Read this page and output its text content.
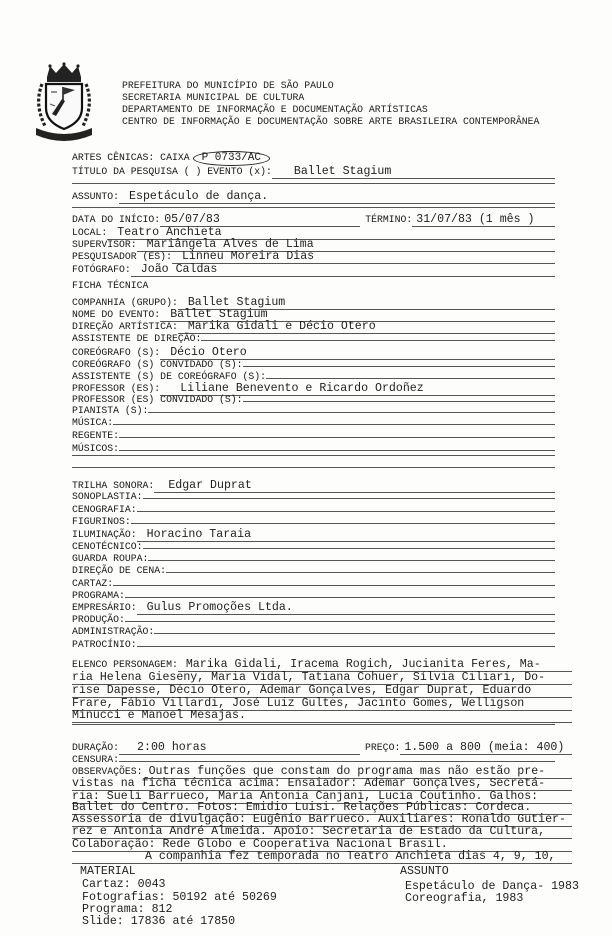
PREFEITURA DO MUNICÍPIO DE SÃO PAULO
SECRETARIA MUNICIPAL DE CULTURA
DEPARTAMENTO DE INFORMAÇÃO E DOCUMENTAÇÃO ARTÍSTICAS
CENTRO DE INFORMAÇÃO E DOCUMENTAÇÃO SOBRE ARTE BRASILEIRA CONTEMPORÂNEA
ARTES CÊNICAS: CAIXA	P 0733/AC
TÍTULO DA PESQUISA ( ) EVENTO (x):	Ballet Stagium
ASSUNTO: Espetáculo de dança.
DATA DO INÍCIO: 05/07/83	TÉRMINO: 31/07/83 (1 mês )
LOCAL: Teatro Anchieta
SUPERVISOR: Mariângela Alves de Lima
PESQUISADOR (ES): Linneu Moreira Dias
FOTÓGRAFO: João Caldas
FICHA TÉCNICA
COMPANHIA (GRUPO): Ballet Stagium
NOME DO EVENTO: Ballet Stagium
DIREÇÃO ARTÍSTICA: Marika Gidali e Décio Otero
ASSISTENTE DE DIREÇÃO:
COREÓGRAFO (S): Décio Otero
COREÓGRAFO (S) CONVIDADO (S):
ASSISTENTE (S) DE COREÓGRAFO (S):
PROFESSOR (ES):	Liliane Benevento e Ricardo Ordoñez
PROFESSOR (ES) CONVIDADO (S):
PIANISTA (S):
MÚSICA:
REGENTE:
MÚSICOS:
TRILHA SONORA:	Edgar Duprat
SONOPLASTIA:
CENOGRAFIA:
FIGURINOS:
ILUMINAÇÃO: Horacino Taraia
CENOTÉCNICO:
GUARDA ROUPA:
DIREÇÃO DE CENA:
CARTAZ:
PROGRAMA:
EMPRESÁRIO: Gulus Promoções Ltda.
PRODUÇÃO:
ADMINISTRAÇÃO:
PATROCÍNIO:
ELENCO PERSONAGEM: Marika Gidali, Iracema Rogich, Jucianita Feres, Ma-
ria Helena Gieseny, Maria Vidal, Tatiana Cohuer, Sílvia Ciliari, Do-
rise Dapesse, Décio Otero, Ademar Gonçalves, Edgar Duprat, Eduardo
Frare, Fábio Villardi, José Luiz Gultes, Jacinto Gomes, Welligson
Minucci e Manoel Mesajas.
DURAÇÃO:	2:00 horas	PREÇO: 1.500 a 800 (meia: 400)
CENSURA:
OBSERVAÇÕES: Outras funções que constam do programa mas não estão pre-
vistas na ficha técnica acima: Ensaiador: Ademar Gonçalves, Secretá-
ria: Sueli Barrueco, Maria Antonia Canjani, Lucia Coutinho. Galhos:
Ballet do Centro. Fotos: Emidio Luisi. Relações Públicas: Cordeca.
Assessoria de divulgação: Eugênio Barrueco. Auxiliares: Ronaldo Gutier-
rez e Antonia André Almeida. Apoio: Secretaria de Estado da Cultura,
Colaboração: Rede Globo e Cooperativa Nacional Brasil.
A companhia fez temporada no Teatro Anchieta dias 4, 9, 10,
MATERIAL
Cartaz: 0043
Fotografias: 50192 até 50269
Programa: 812
Slide: 17836 até 17850
ASSUNTO
Espetáculo de Dança- 1983
Coreografia, 1983
